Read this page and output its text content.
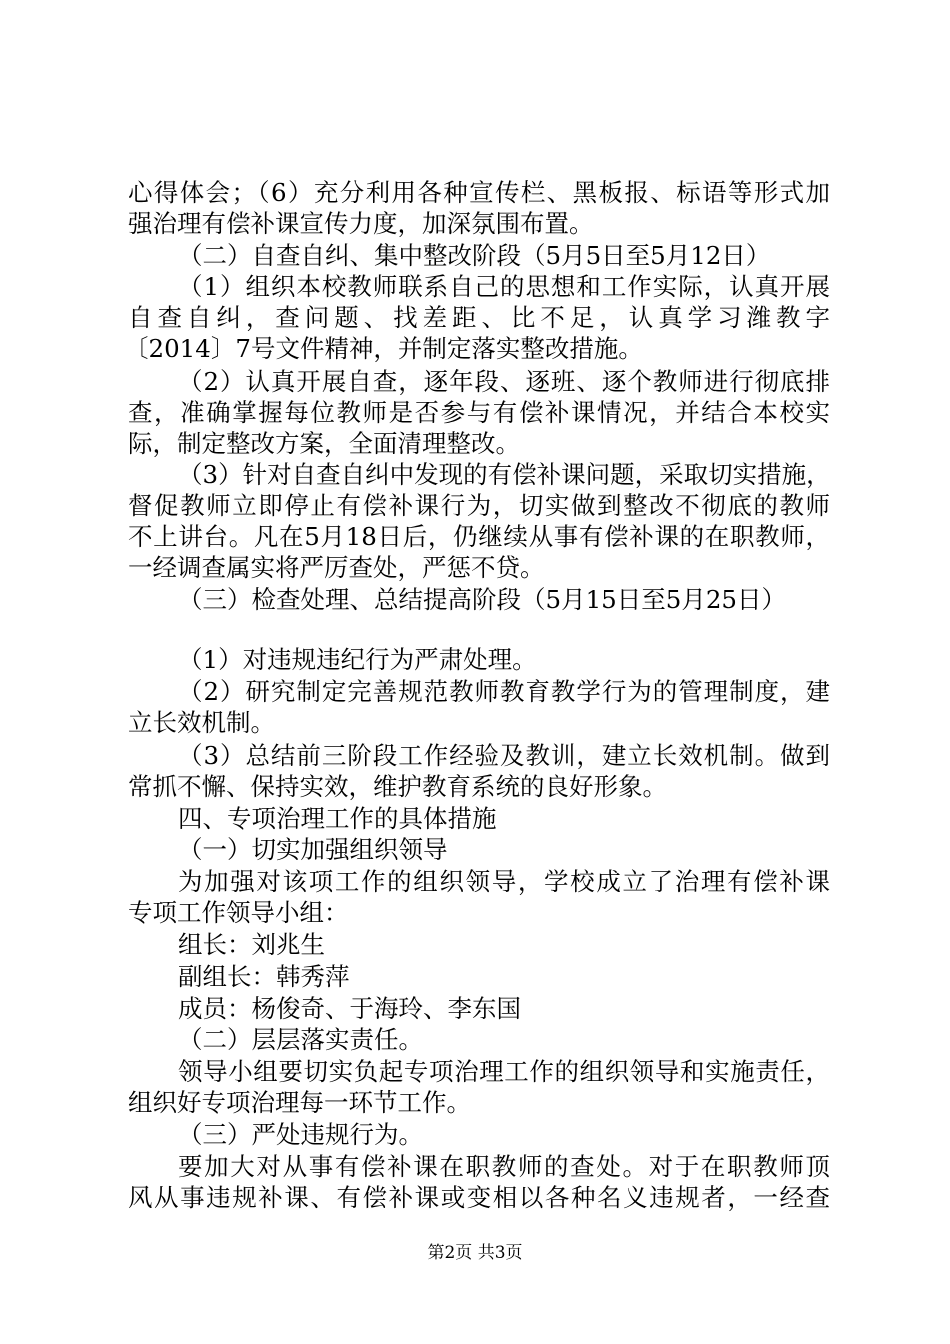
心得体会；（6）充分利用各种宣传栏、黑板报、标语等形式加
强治理有偿补课宣传力度，加深氛围布置。
（二）自查自纠、集中整改阶段（5月5日至5月12日）
（1）组织本校教师联系自己的思想和工作实际，认真开展
自查自纠，查问题、找差距、比不足，认真学习潍教字
〔2014〕7号文件精神，并制定落实整改措施。
（2）认真开展自查，逐年段、逐班、逐个教师进行彻底排
查，准确掌握每位教师是否参与有偿补课情况，并结合本校实
际，制定整改方案，全面清理整改。
（3）针对自查自纠中发现的有偿补课问题，采取切实措施，
督促教师立即停止有偿补课行为，切实做到整改不彻底的教师
不上讲台。凡在5月18日后，仍继续从事有偿补课的在职教师，
一经调查属实将严厉查处，严惩不贷。
（三）检查处理、总结提高阶段（5月15日至5月25日）
（1）对违规违纪行为严肃处理。
（2）研究制定完善规范教师教育教学行为的管理制度，建
立长效机制。
（3）总结前三阶段工作经验及教训，建立长效机制。做到
常抓不懈、保持实效，维护教育系统的良好形象。
四、专项治理工作的具体措施
（一）切实加强组织领导
为加强对该项工作的组织领导，学校成立了治理有偿补课
专项工作领导小组：
组长：刘兆生
副组长：韩秀萍
成员：杨俊奇、于海玲、李东国
（二）层层落实责任。
领导小组要切实负起专项治理工作的组织领导和实施责任，
组织好专项治理每一环节工作。
（三）严处违规行为。
要加大对从事有偿补课在职教师的查处。对于在职教师顶
风从事违规补课、有偿补课或变相以各种名义违规者，一经查
第2页 共3页
